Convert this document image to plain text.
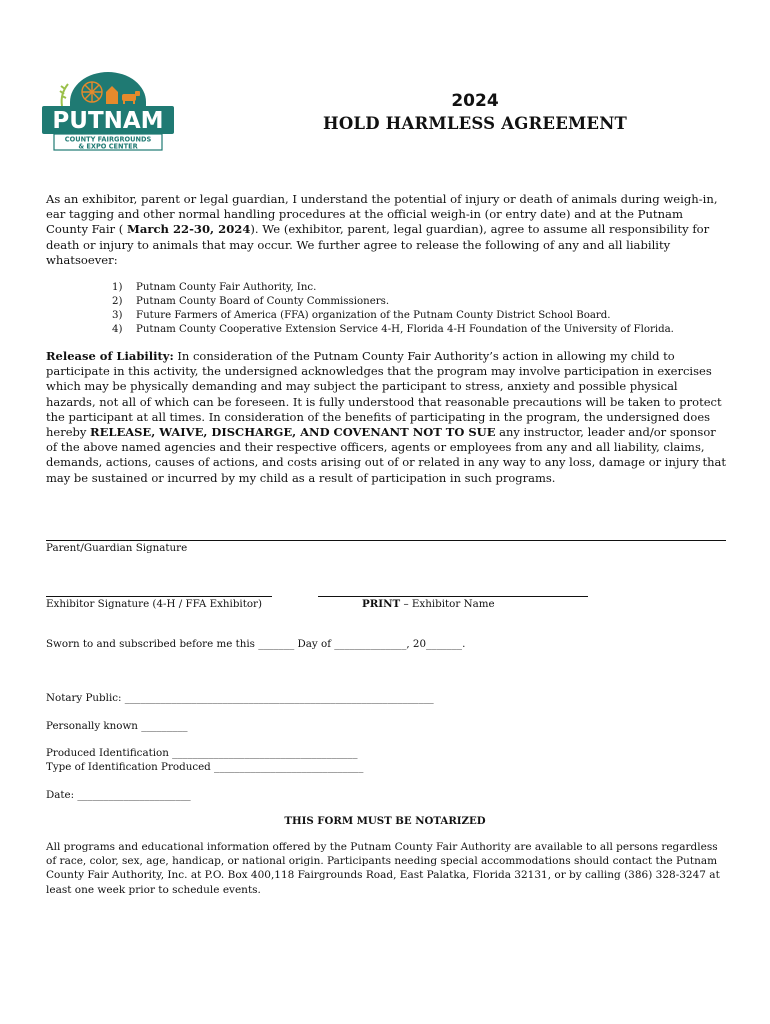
PUTNAM
COUNTY FAIRGROUNDS
& EXPO CENTER
2024
HOLD HARMLESS AGREEMENT
As an exhibitor, parent or legal guardian, I understand the potential of injury or death of animals during weigh-in, ear tagging and other normal handling procedures at the official weigh-in (or entry date) and at the Putnam County Fair ( March 22-30, 2024). We (exhibitor, parent, legal guardian), agree to assume all responsibility for death or injury to animals that may occur. We further agree to release the following of any and all liability whatsoever:
1) Putnam County Fair Authority, Inc.
2) Putnam County Board of County Commissioners.
3) Future Farmers of America (FFA) organization of the Putnam County District School Board.
4) Putnam County Cooperative Extension Service 4-H, Florida 4-H Foundation of the University of Florida.
Release of Liability: In consideration of the Putnam County Fair Authority’s action in allowing my child to participate in this activity, the undersigned acknowledges that the program may involve participation in exercises which may be physically demanding and may subject the participant to stress, anxiety and possible physical hazards, not all of which can be foreseen. It is fully understood that reasonable precautions will be taken to protect the participant at all times. In consideration of the benefits of participating in the program, the undersigned does hereby RELEASE, WAIVE, DISCHARGE, AND COVENANT NOT TO SUE any instructor, leader and/or sponsor of the above named agencies and their respective officers, agents or employees from any and all liability, claims, demands, actions, causes of actions, and costs arising out of or related in any way to any loss, damage or injury that may be sustained or incurred by my child as a result of participation in such programs.
Parent/Guardian Signature
Exhibitor Signature (4-H / FFA Exhibitor)	PRINT – Exhibitor Name
Sworn to and subscribed before me this _______ Day of ______________, 20_______.
Notary Public: ____________________________________________________________
Personally known _________
Produced Identification ____________________________________
Type of Identification Produced _____________________________
Date: ______________________
THIS FORM MUST BE NOTARIZED
All programs and educational information offered by the Putnam County Fair Authority are available to all persons regardless of race, color, sex, age, handicap, or national origin. Participants needing special accommodations should contact the Putnam County Fair Authority, Inc. at P.O. Box 400,118 Fairgrounds Road, East Palatka, Florida 32131, or by calling (386) 328-3247 at least one week prior to schedule events.
